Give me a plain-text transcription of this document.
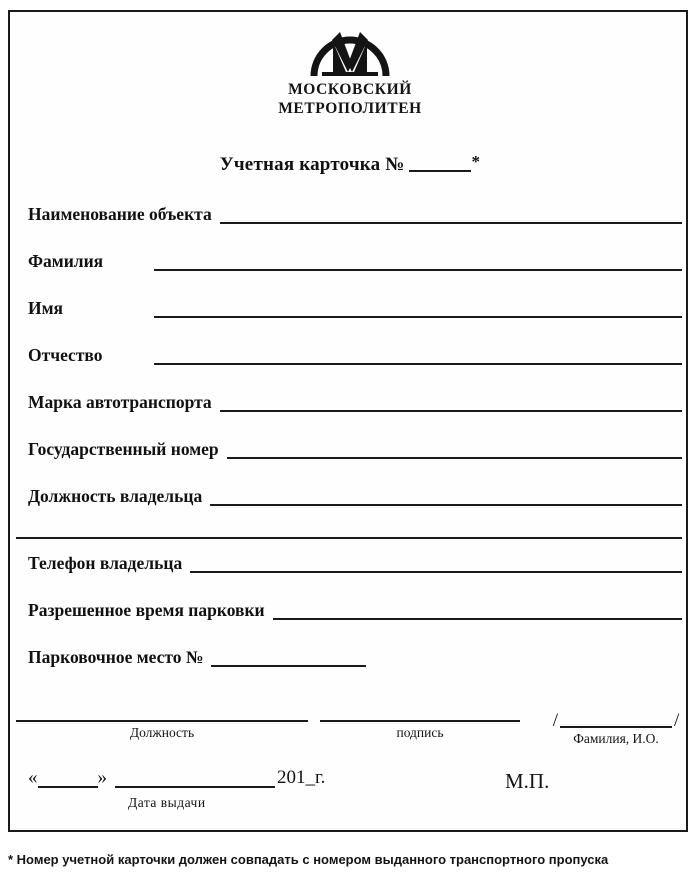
МОСКОВСКИЙ
МЕТРОПОЛИТЕН
Учетная карточка №	*
Наименование объекта
Фамилия
Имя
Отчество
Марка автотранспорта
Государственный номер
Должность владельца
Телефон владельца
Разрешенное время парковки
Парковочное место №
Должность	подпись
/	/
Фамилия, И.О.
«	»	201_г.
Дата выдачи
М.П.
* Номер учетной карточки должен совпадать с номером выданного транспортного пропуска
